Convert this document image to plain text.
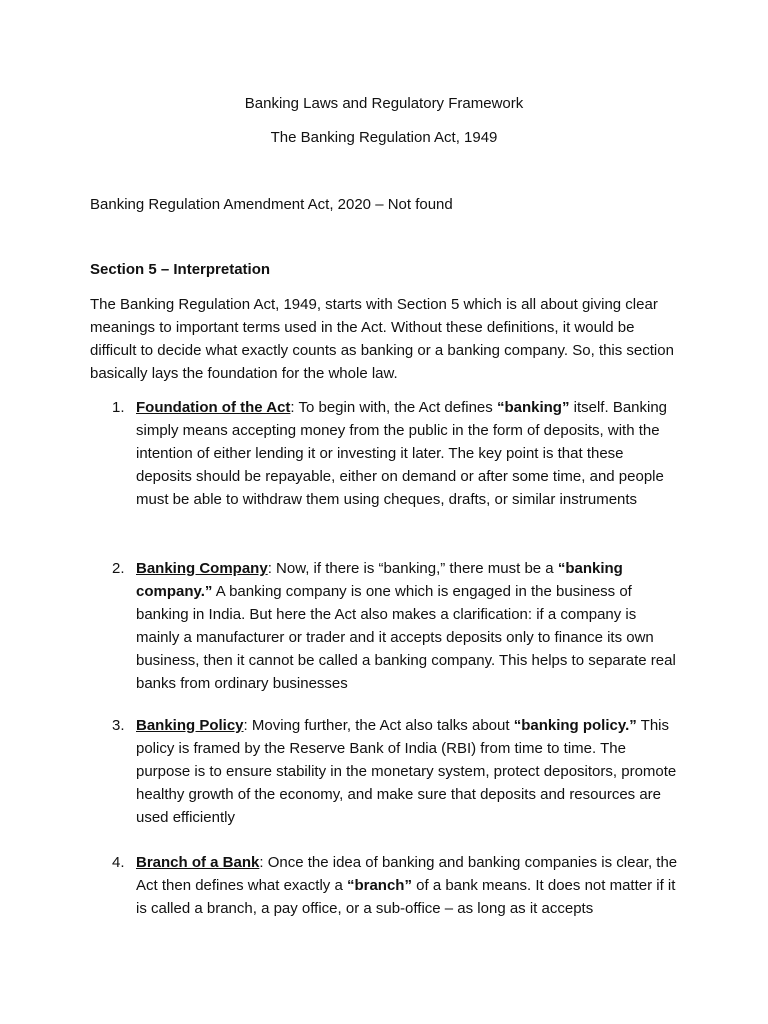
Banking Laws and Regulatory Framework
The Banking Regulation Act, 1949
Banking Regulation Amendment Act, 2020 – Not found
Section 5 – Interpretation

The Banking Regulation Act, 1949, starts with Section 5 which is all about giving clear meanings to important terms used in the Act. Without these definitions, it would be difficult to decide what exactly counts as banking or a banking company. So, this section basically lays the foundation for the whole law.

1. Foundation of the Act: To begin with, the Act defines “banking” itself. Banking simply means accepting money from the public in the form of deposits, with the intention of either lending it or investing it later. The key point is that these deposits should be repayable, either on demand or after some time, and people must be able to withdraw them using cheques, drafts, or similar instruments
2. Banking Company: Now, if there is “banking,” there must be a “banking company.” A banking company is one which is engaged in the business of banking in India. But here the Act also makes a clarification: if a company is mainly a manufacturer or trader and it accepts deposits only to finance its own business, then it cannot be called a banking company. This helps to separate real banks from ordinary businesses
3. Banking Policy: Moving further, the Act also talks about “banking policy.” This policy is framed by the Reserve Bank of India (RBI) from time to time. The purpose is to ensure stability in the monetary system, protect depositors, promote healthy growth of the economy, and make sure that deposits and resources are used efficiently
4. Branch of a Bank: Once the idea of banking and banking companies is clear, the Act then defines what exactly a “branch” of a bank means. It does not matter if it is called a branch, a pay office, or a sub-office – as long as it accepts
